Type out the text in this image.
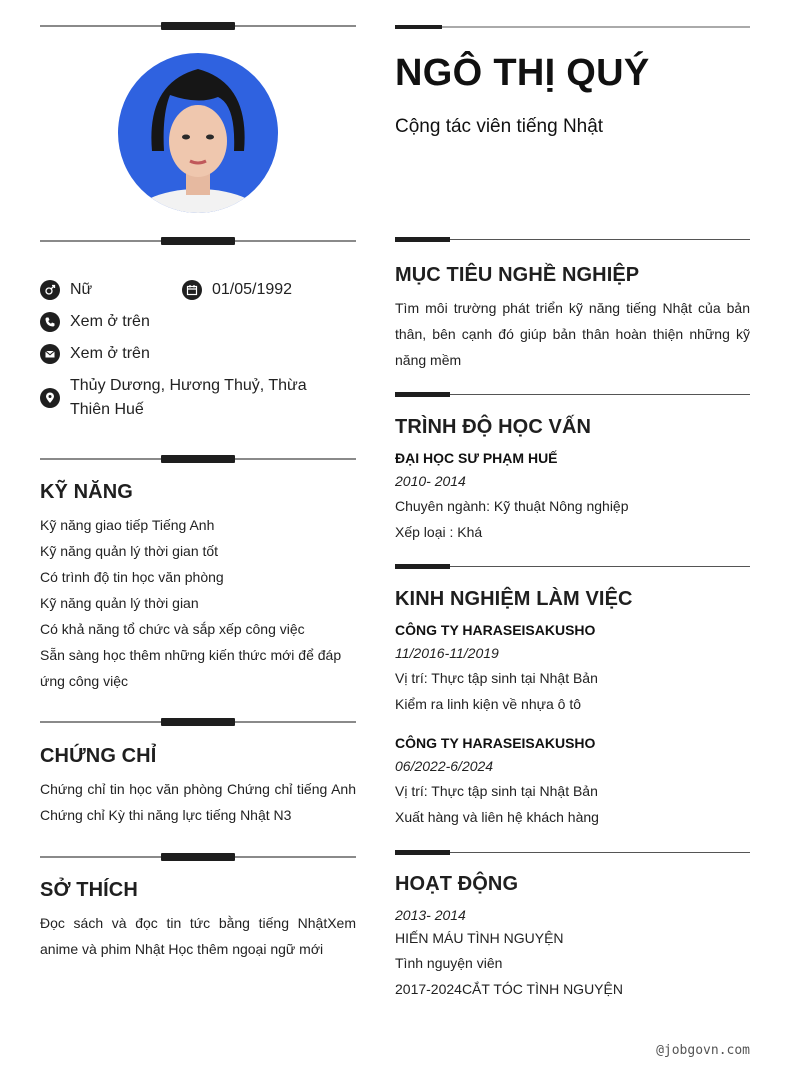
Nữ	01/05/1992
Xem ở trên
Xem ở trên
Thủy Dương, Hương Thuỷ, Thừa Thiên Huế
KỸ NĂNG
Kỹ năng giao tiếp Tiếng Anh
Kỹ năng quản lý thời gian tốt
Có trình độ tin học văn phòng
Kỹ năng quản lý thời gian
Có khả năng tổ chức và sắp xếp công việc
Sẵn sàng học thêm những kiến thức mới để đáp ứng công việc
CHỨNG CHỈ
Chứng chỉ tin học văn phòng Chứng chỉ tiếng Anh Chứng chỉ Kỳ thi năng lực tiếng Nhật N3
SỞ THÍCH
Đọc sách và đọc tin tức bằng tiếng NhậtXem anime và phim Nhật Học thêm ngoại ngữ mới
NGÔ THỊ QUÝ
Cộng tác viên tiếng Nhật
MỤC TIÊU NGHỀ NGHIỆP
Tìm môi trường phát triển kỹ năng tiếng Nhật của bản thân, bên cạnh đó giúp bản thân hoàn thiện những kỹ năng mềm
TRÌNH ĐỘ HỌC VẤN
ĐẠI HỌC SƯ PHẠM HUẾ
2010- 2014
Chuyên ngành: Kỹ thuật Nông nghiệp
Xếp loại : Khá
KINH NGHIỆM LÀM VIỆC
CÔNG TY HARASEISAKUSHO
11/2016-11/2019
Vị trí: Thực tập sinh tại Nhật Bản
Kiểm ra linh kiện về nhựa ô tô
CÔNG TY HARASEISAKUSHO
06/2022-6/2024
Vị trí: Thực tập sinh tại Nhật Bản
Xuất hàng và liên hệ khách hàng
HOẠT ĐỘNG
2013- 2014
HIẾN MÁU TÌNH NGUYỆN
Tình nguyện viên
2017-2024CẮT TÓC TÌNH NGUYỆN
@jobgovn.com
